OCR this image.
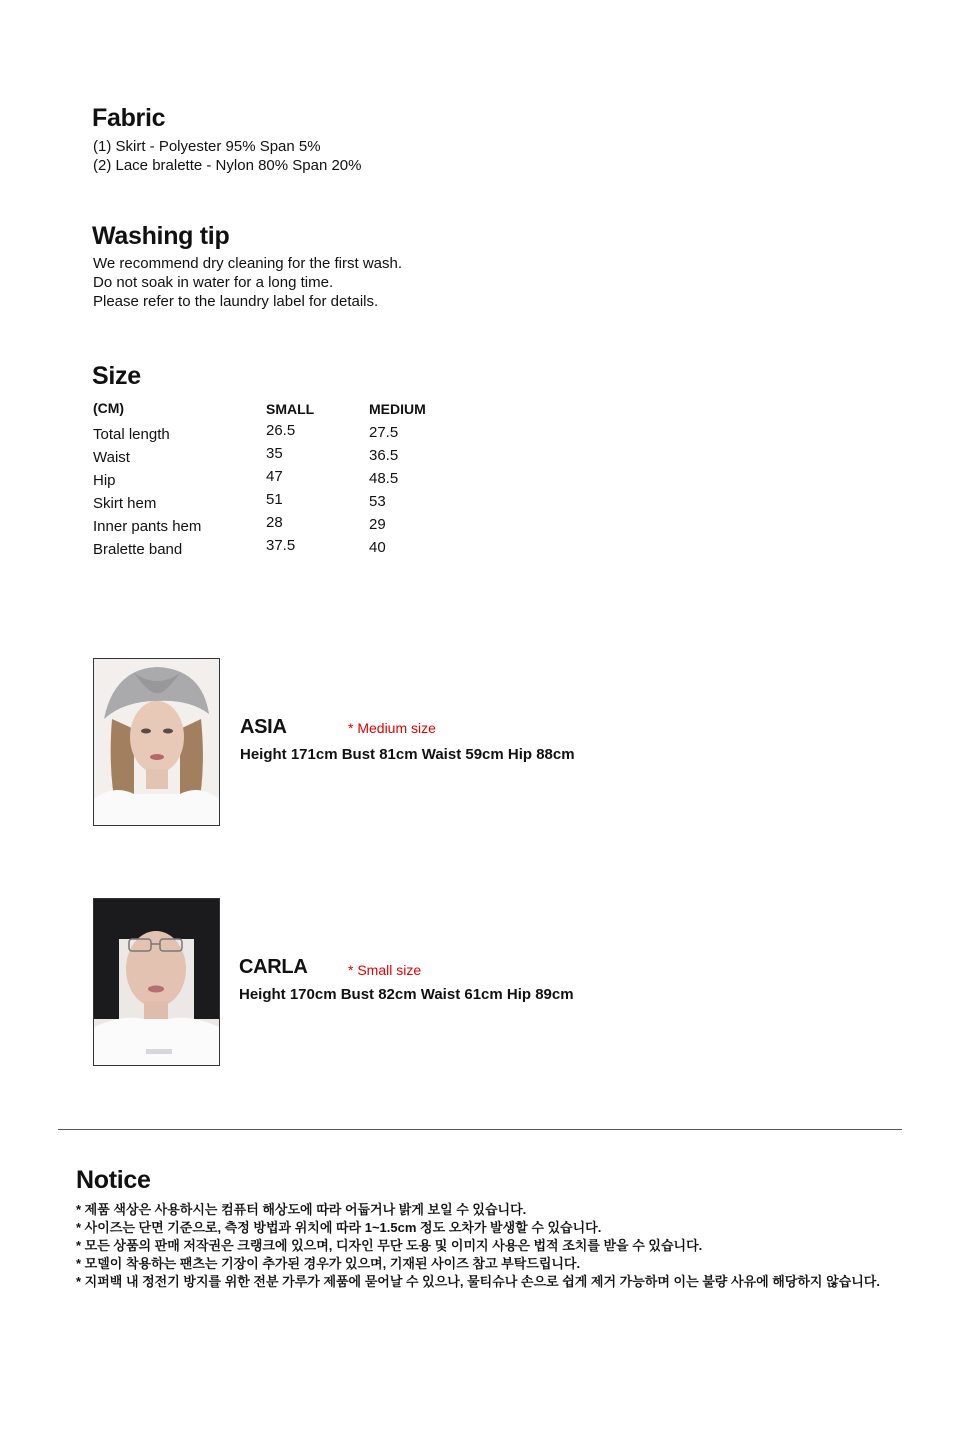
Fabric
(1) Skirt - Polyester 95% Span 5%
(2) Lace bralette - Nylon 80% Span 20%
Washing tip
We recommend dry cleaning for the first wash.
Do not soak in water for a long time.
Please refer to the laundry label for details.
Size
(CM)	SMALL	MEDIUM
Total length	26.5	27.5
Waist	35	36.5
Hip	47	48.5
Skirt hem	51	53
Inner pants hem	28	29
Bralette band	37.5	40
ASIA	* Medium size
Height 171cm Bust 81cm Waist 59cm Hip 88cm
CARLA	* Small size
Height 170cm Bust 82cm Waist 61cm Hip 89cm
Notice
* 제품 색상은 사용하시는 컴퓨터 해상도에 따라 어둡거나 밝게 보일 수 있습니다.
* 사이즈는 단면 기준으로, 측정 방법과 위치에 따라 1~1.5cm 정도 오차가 발생할 수 있습니다.
* 모든 상품의 판매 저작권은 크랭크에 있으며, 디자인 무단 도용 및 이미지 사용은 법적 조치를 받을 수 있습니다.
* 모델이 착용하는 팬츠는 기장이 추가된 경우가 있으며, 기재된 사이즈 참고 부탁드립니다.
* 지퍼백 내 정전기 방지를 위한 전분 가루가 제품에 묻어날 수 있으나, 물티슈나 손으로 쉽게 제거 가능하며 이는 불량 사유에 해당하지 않습니다.
